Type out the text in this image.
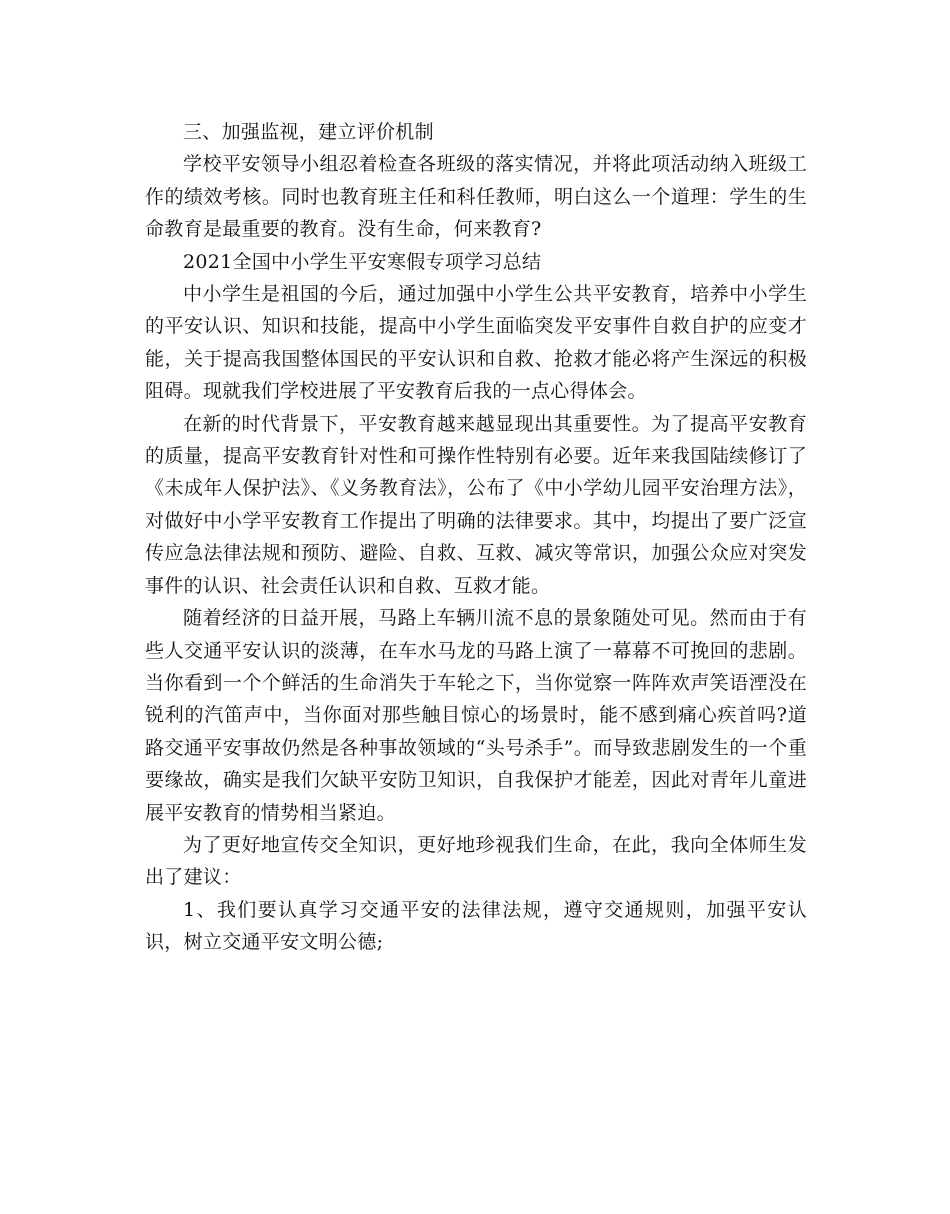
三、加强监视，建立评价机制

学校平安领导小组忍着检查各班级的落实情况，并将此项活动纳入班级工作的绩效考核。同时也教育班主任和科任教师，明白这么一个道理：学生的生命教育是最重要的教育。没有生命，何来教育?

2021全国中小学生平安寒假专项学习总结

中小学生是祖国的今后，通过加强中小学生公共平安教育，培养中小学生的平安认识、知识和技能，提高中小学生面临突发平安事件自救自护的应变才能，关于提高我国整体国民的平安认识和自救、抢救才能必将产生深远的积极阻碍。现就我们学校进展了平安教育后我的一点心得体会。

在新的时代背景下，平安教育越来越显现出其重要性。为了提高平安教育的质量，提高平安教育针对性和可操作性特别有必要。近年来我国陆续修订了《未成年人保护法》、《义务教育法》，公布了《中小学幼儿园平安治理方法》，对做好中小学平安教育工作提出了明确的法律要求。其中，均提出了要广泛宣传应急法律法规和预防、避险、自救、互救、减灾等常识，加强公众应对突发事件的认识、社会责任认识和自救、互救才能。

随着经济的日益开展，马路上车辆川流不息的景象随处可见。然而由于有些人交通平安认识的淡薄，在车水马龙的马路上演了一幕幕不可挽回的悲剧。当你看到一个个鲜活的生命消失于车轮之下，当你觉察一阵阵欢声笑语湮没在锐利的汽笛声中，当你面对那些触目惊心的场景时，能不感到痛心疾首吗?道路交通平安事故仍然是各种事故领域的“头号杀手”。而导致悲剧发生的一个重要缘故，确实是我们欠缺平安防卫知识，自我保护才能差，因此对青年儿童进展平安教育的情势相当紧迫。

为了更好地宣传交全知识，更好地珍视我们生命，在此，我向全体师生发出了建议：

1、我们要认真学习交通平安的法律法规，遵守交通规则，加强平安认识，树立交通平安文明公德;
